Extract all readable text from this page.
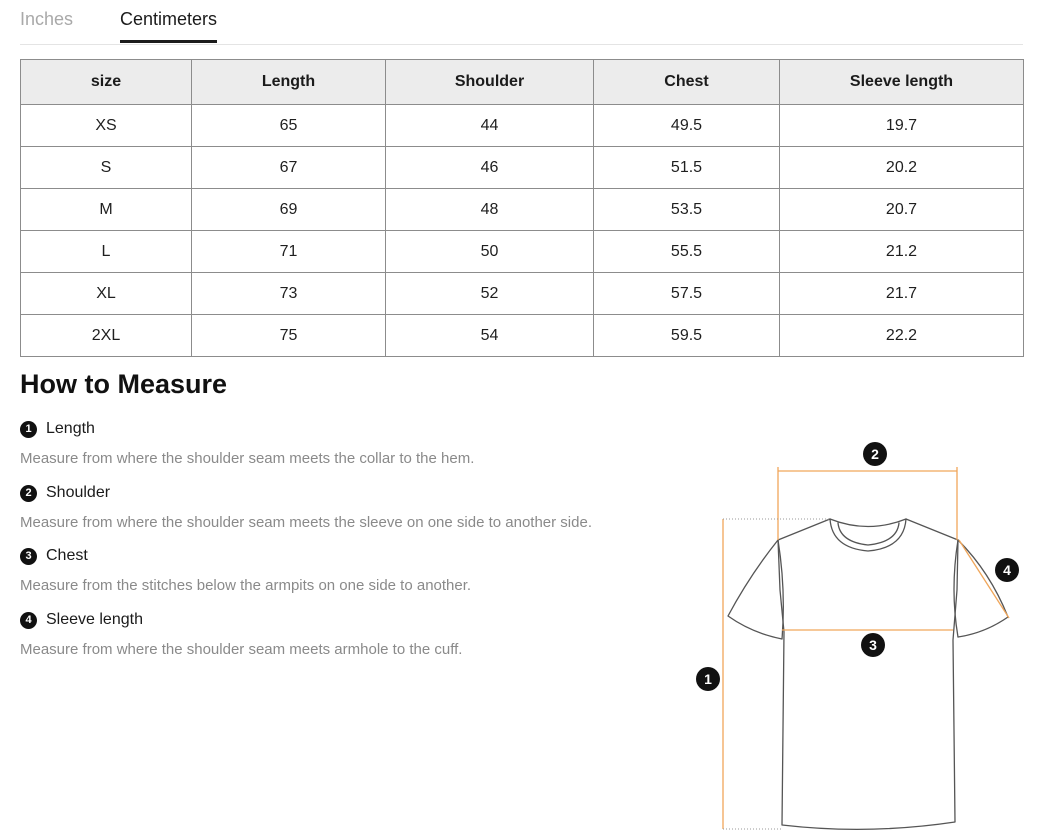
Inches	Centimeters
size	Length	Shoulder	Chest	Sleeve length
XS	65	44	49.5	19.7
S	67	46	51.5	20.2
M	69	48	53.5	20.7
L	71	50	55.5	21.2
XL	73	52	57.5	21.7
2XL	75	54	59.5	22.2
How to Measure
1 Length
Measure from where the shoulder seam meets the collar to the hem.
2 Shoulder
Measure from where the shoulder seam meets the sleeve on one side to another side.
3 Chest
Measure from the stitches below the armpits on one side to another.
4 Sleeve length
Measure from where the shoulder seam meets armhole to the cuff.
1
2
3
4
